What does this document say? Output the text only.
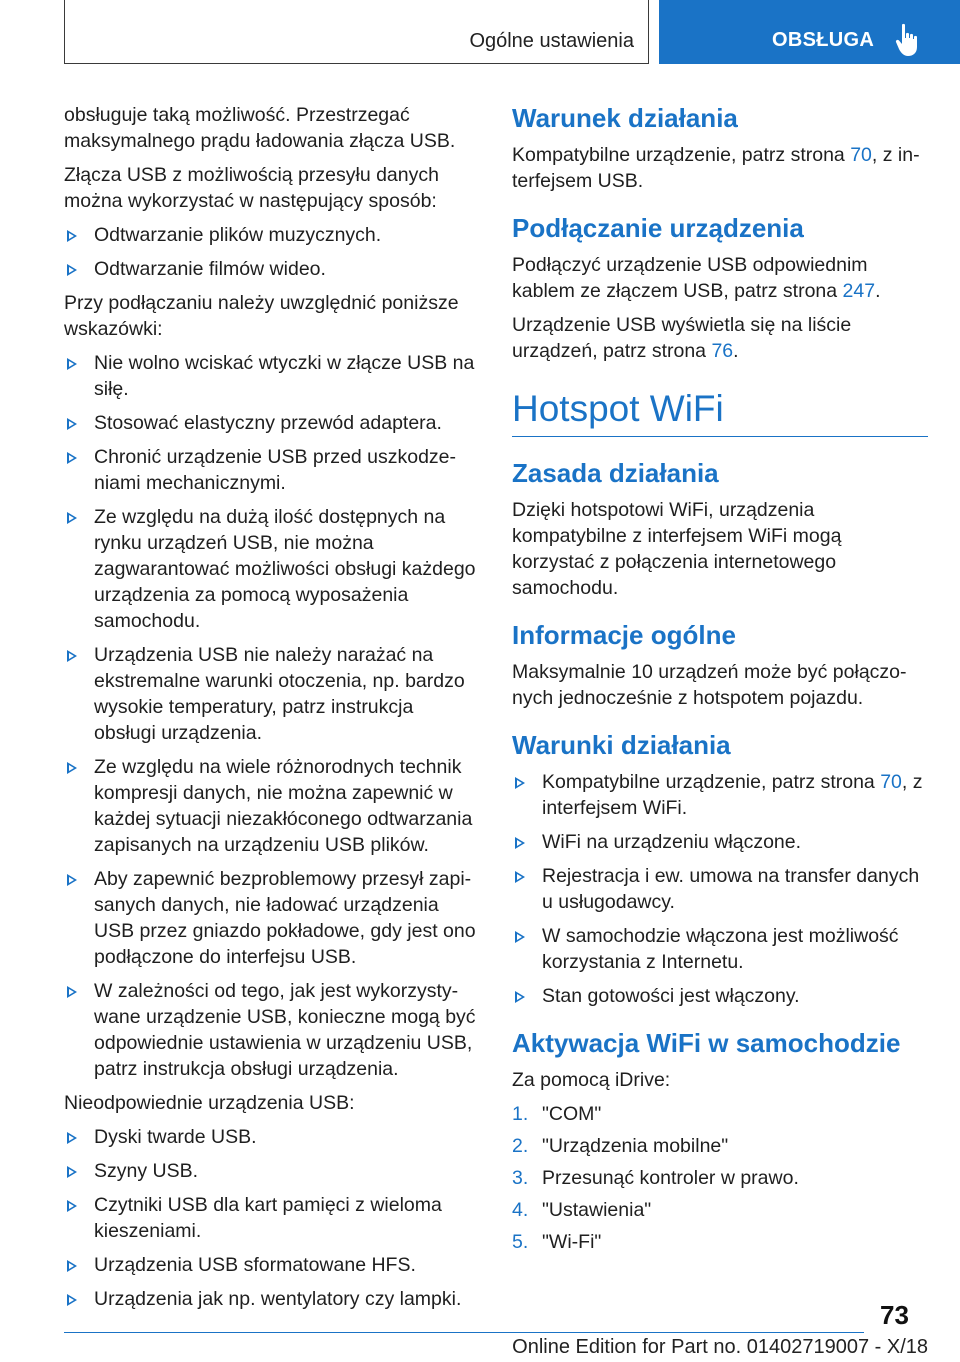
Ogólne ustawienia	OBSŁUGA

obsługuje taką możliwość. Przestrzegać maksymalnego prądu ładowania złącza USB.

Złącza USB z możliwością przesyłu danych można wykorzystać w następujący sposób:

Odtwarzanie plików muzycznych.
Odtwarzanie filmów wideo.

Przy podłączaniu należy uwzględnić poniższe wskazówki:

Nie wolno wciskać wtyczki w złącze USB na siłę.
Stosować elastyczny przewód adaptera.
Chronić urządzenie USB przed uszkodzeniami mechanicznymi.
Ze względu na dużą ilość dostępnych na rynku urządzeń USB, nie można zagwarantować możliwości obsługi każdego urządzenia za pomocą wyposażenia samochodu.
Urządzenia USB nie należy narażać na ekstremalne warunki otoczenia, np. bardzo wysokie temperatury, patrz instrukcja obsługi urządzenia.
Ze względu na wiele różnorodnych technik kompresji danych, nie można zapewnić w każdej sytuacji niezakłóconego odtwarzania zapisanych na urządzeniu USB plików.
Aby zapewnić bezproblemowy przesył zapisanych danych, nie ładować urządzenia USB przez gniazdo pokładowe, gdy jest ono podłączone do interfejsu USB.
W zależności od tego, jak jest wykorzystywane urządzenie USB, konieczne mogą być odpowiednie ustawienia w urządzeniu USB, patrz instrukcja obsługi urządzenia.

Nieodpowiednie urządzenia USB:

Dyski twarde USB.
Szyny USB.
Czytniki USB dla kart pamięci z wieloma kieszeniami.
Urządzenia USB sformatowane HFS.
Urządzenia jak np. wentylatory czy lampki.
Warunek działania

Kompatybilne urządzenie, patrz strona 70, z interfejsem USB.

Podłączanie urządzenia

Podłączyć urządzenie USB odpowiednim kablem ze złączem USB, patrz strona 247.

Urządzenie USB wyświetla się na liście urządzeń, patrz strona 76.

Hotspot WiFi
Zasada działania

Dzięki hotspotowi WiFi, urządzenia kompatybilne z interfejsem WiFi mogą korzystać z połączenia internetowego samochodu.

Informacje ogólne

Maksymalnie 10 urządzeń może być połączonych jednocześnie z hotspotem pojazdu.

Warunki działania
Kompatybilne urządzenie, patrz strona 70, z interfejsem WiFi.
WiFi na urządzeniu włączone.
Rejestracja i ew. umowa na transfer danych u usługodawcy.
W samochodzie włączona jest możliwość korzystania z Internetu.
Stan gotowości jest włączony.
Aktywacja WiFi w samochodzie

Za pomocą iDrive:

1. "COM"
2. "Urządzenia mobilne"
3. Przesunąć kontroler w prawo.
4. "Ustawienia"
5. "Wi-Fi"
73
Online Edition for Part no. 01402719007 - X/18
